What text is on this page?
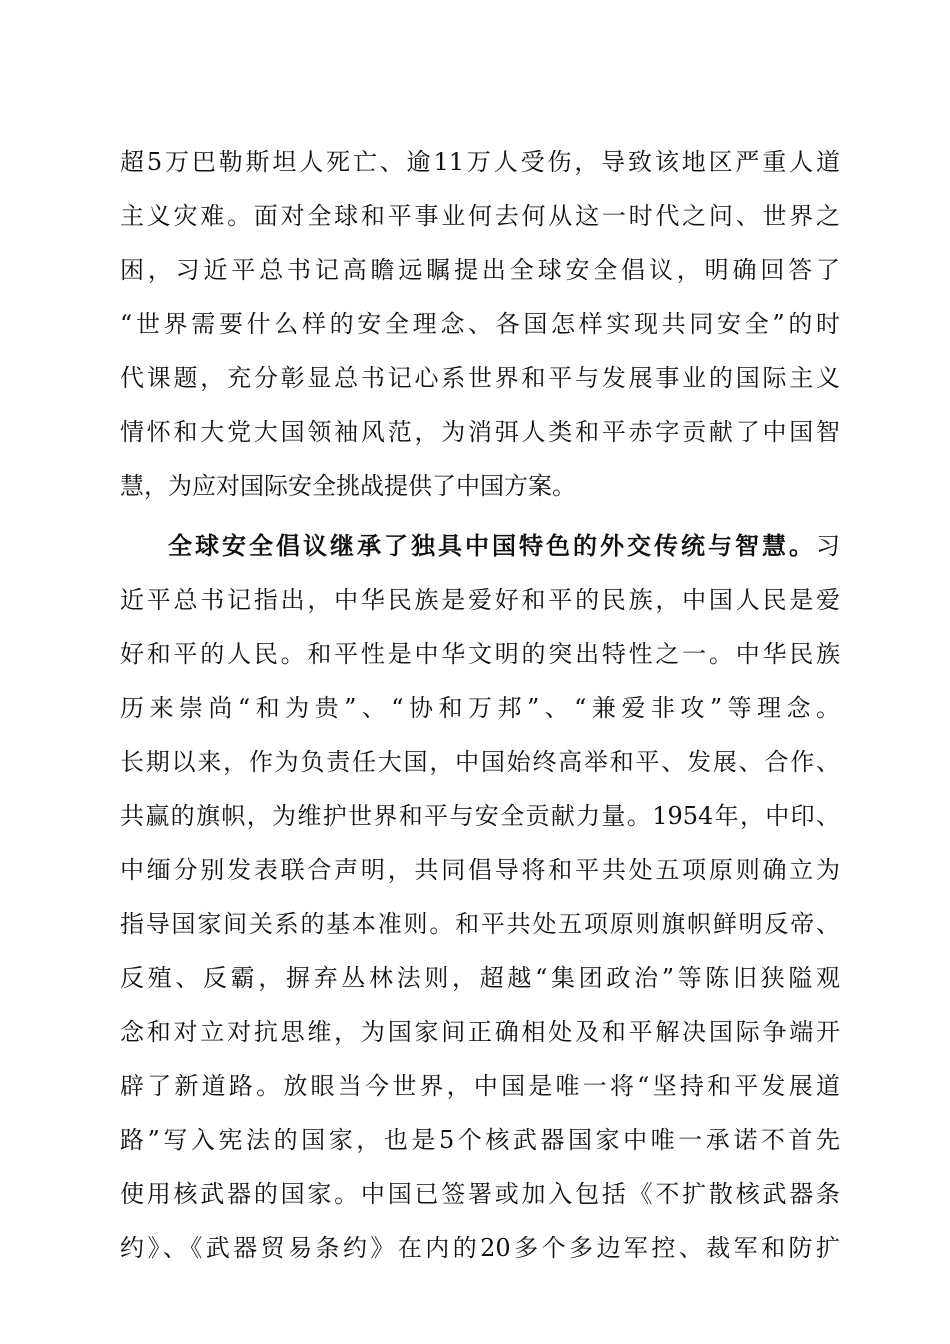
超5万巴勒斯坦人死亡、逾11万人受伤，导致该地区严重人道
主义灾难。面对全球和平事业何去何从这一时代之问、世界之
困，习近平总书记高瞻远瞩提出全球安全倡议，明确回答了
“世界需要什么样的安全理念、各国怎样实现共同安全”的时
代课题，充分彰显总书记心系世界和平与发展事业的国际主义
情怀和大党大国领袖风范，为消弭人类和平赤字贡献了中国智
慧，为应对国际安全挑战提供了中国方案。
全球安全倡议继承了独具中国特色的外交传统与智慧。习
近平总书记指出，中华民族是爱好和平的民族，中国人民是爱
好和平的人民。和平性是中华文明的突出特性之一。中华民族
历来崇尚“和为贵”、“协和万邦”、“兼爱非攻”等理念。
长期以来，作为负责任大国，中国始终高举和平、发展、合作、
共赢的旗帜，为维护世界和平与安全贡献力量。1954年，中印、
中缅分别发表联合声明，共同倡导将和平共处五项原则确立为
指导国家间关系的基本准则。和平共处五项原则旗帜鲜明反帝、
反殖、反霸，摒弃丛林法则，超越“集团政治”等陈旧狭隘观
念和对立对抗思维，为国家间正确相处及和平解决国际争端开
辟了新道路。放眼当今世界，中国是唯一将“坚持和平发展道
路”写入宪法的国家，也是5个核武器国家中唯一承诺不首先
使用核武器的国家。中国已签署或加入包括《不扩散核武器条
约》、《武器贸易条约》在内的20多个多边军控、裁军和防扩
